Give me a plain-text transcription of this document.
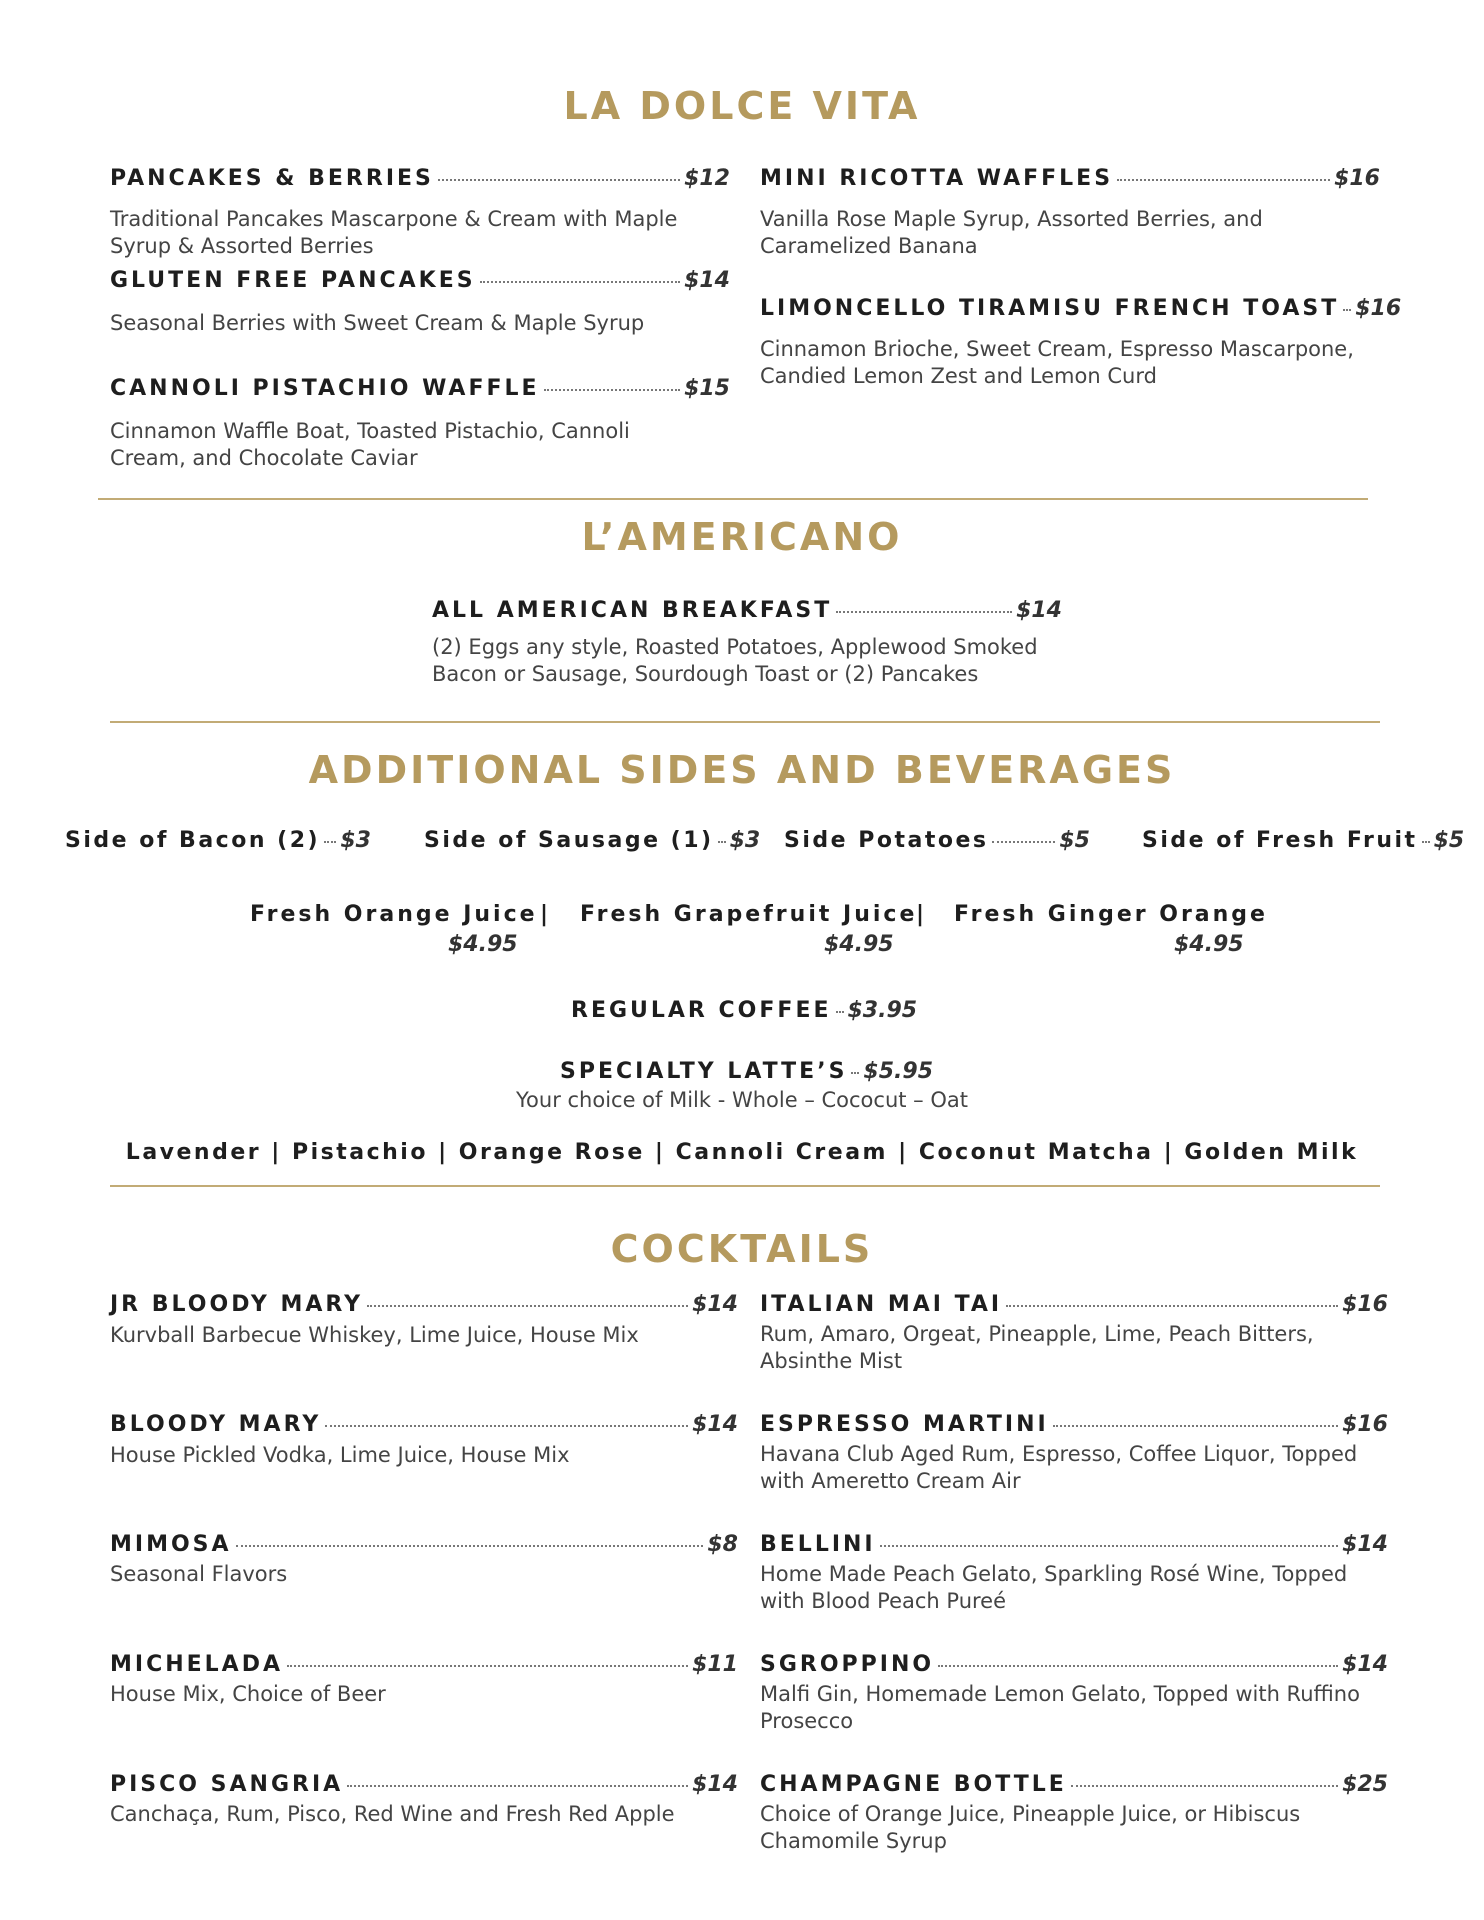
LA DOLCE VITA
PANCAKES & BERRIES	$12
Traditional Pancakes Mascarpone & Cream with Maple Syrup & Assorted Berries
GLUTEN FREE PANCAKES	$14
Seasonal Berries with Sweet Cream & Maple Syrup
CANNOLI PISTACHIO WAFFLE	$15
Cinnamon Waffle Boat, Toasted Pistachio, Cannoli Cream, and Chocolate Caviar
MINI RICOTTA WAFFLES	$16
Vanilla Rose Maple Syrup, Assorted Berries, and Caramelized Banana
LIMONCELLO TIRAMISU FRENCH TOAST $16
Cinnamon Brioche, Sweet Cream, Espresso Mascarpone, Candied Lemon Zest and Lemon Curd
L’AMERICANO
ALL AMERICAN BREAKFAST	$14
(2) Eggs any style, Roasted Potatoes, Applewood Smoked Bacon or Sausage, Sourdough Toast or (2) Pancakes
ADDITIONAL SIDES AND BEVERAGES
Side of Bacon (2) $3 Side of Sausage (1) $3 Side Potatoes	$5 Side of Fresh Fruit $5
Fresh Orange Juice | Fresh Grapefruit Juice
| Fresh Ginger Orange
$4.95	$4.95	$4.95
REGULAR COFFEE $3.95
SPECIALTY LATTE’S $5.95
Your choice of Milk - Whole – Cococut – Oat
Lavender | Pistachio | Orange Rose | Cannoli Cream | Coconut Matcha | Golden Milk
COCKTAILS
JR BLOODY MARY	$14
Kurvball Barbecue Whiskey, Lime Juice, House Mix
BLOODY MARY	$14
House Pickled Vodka, Lime Juice, House Mix
MIMOSA	$8
Seasonal Flavors
MICHELADA	$11
House Mix, Choice of Beer
PISCO SANGRIA	$14
Canchaça, Rum, Pisco, Red Wine and Fresh Red Apple
ITALIAN MAI TAI	$16
Rum, Amaro, Orgeat, Pineapple, Lime, Peach Bitters, Absinthe Mist
ESPRESSO MARTINI	$16
Havana Club Aged Rum, Espresso, Coffee Liquor, Topped with Ameretto Cream Air
BELLINI	$14
Home Made Peach Gelato, Sparkling Rosé Wine, Topped with Blood Peach Pureé
SGROPPINO	$14
Malfi Gin, Homemade Lemon Gelato, Topped with Ruffino Prosecco
CHAMPAGNE BOTTLE	$25
Choice of Orange Juice, Pineapple Juice, or Hibiscus Chamomile Syrup
